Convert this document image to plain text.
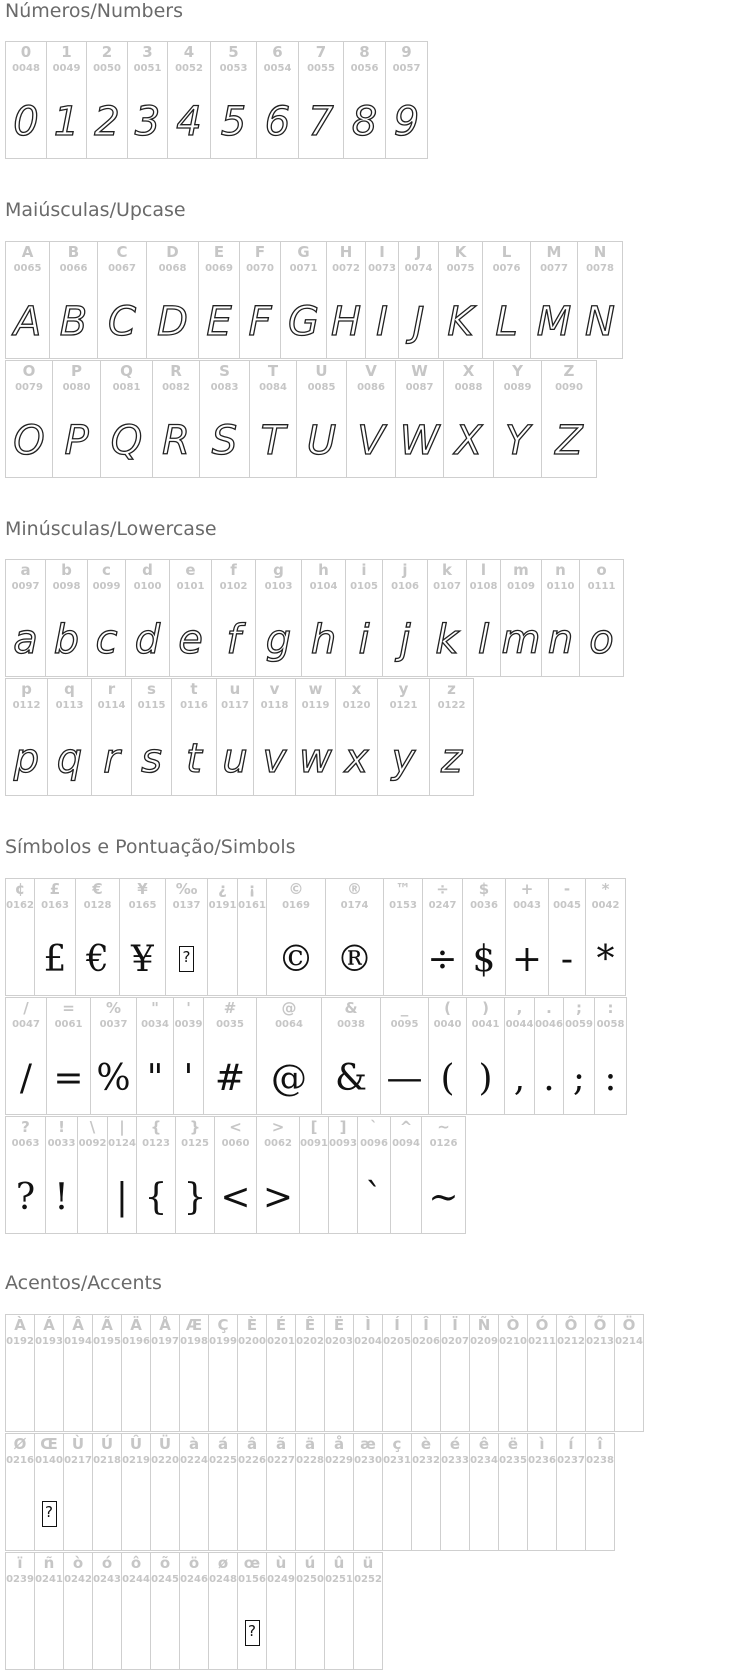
Números/Numbers
0
0048
0
1
0049
1
2
0050
2
3
0051
3
4
0052
4
5
0053
5
6
0054
6
7
0055
7
8
0056
8
9
0057
9
Maiúsculas/Upcase
A
0065
A
B
0066
B
C
0067
C
D
0068
D
E
0069
E
F
0070
F
G
0071
G
H
0072
H
I
0073
I
J
0074
J
K
0075
K
L
0076
L
M
0077
M
N
0078
N
O
0079
O
P
0080
P
Q
0081
Q
R
0082
R
S
0083
S
T
0084
T
U
0085
U
V
0086
V
W
0087
W
X
0088
X
Y
0089
Y
Z
0090
Z
Minúsculas/Lowercase
a
0097
a
b
0098
b
c
0099
c
d
0100
d
e
0101
e
f
0102
f
g
0103
g
h
0104
h
i
0105
i
j
0106
j
k
0107
k
l
0108
l
m
0109
m
n
0110
n
o
0111
o
p
0112
p
q
0113
q
r
0114
r
s
0115
s
t
0116
t
u
0117
u
v
0118
v
w
0119
w
x
0120
x
y
0121
y
z
0122
z
Símbolos e Pontuação/Simbols
¢
0162
£
0163
£
€
0128
€
¥
0165
¥
‰
0137
?
¿
0191
¡
0161
©
0169
©
®
0174
®
™
0153
÷
0247
÷
$
0036
$
+
0043
+
-
0045
-
*
0042
*
/
0047
/
=
0061
=
%
0037
%
"
0034
"
'
0039
'
#
0035
#
@
0064
@
&
0038
&
_
0095
—
(
0040
(
)
0041
)
,
0044
,
.
0046
.
;
0059
;
:
0058
:
?
0063
?
!
0033
!
\
0092
|
0124
|
{
0123
{
}
0125
}
<
0060
<
>
0062
>
[
0091
]
0093
`
0096
`
^
0094
~
0126
~
Acentos/Accents
À
0192
Á
0193
Â
0194
Ã
0195
Ä
0196
Å
0197
Æ
0198
Ç
0199
È
0200
É
0201
Ê
0202
Ë
0203
Ì
0204
Í
0205
Î
0206
Ï
0207
Ñ
0209
Ò
0210
Ó
0211
Ô
0212
Õ
0213
Ö
0214
Ø
0216
Œ
0140
?
Ù
0217
Ú
0218
Û
0219
Ü
0220
à
0224
á
0225
â
0226
ã
0227
ä
0228
å
0229
æ
0230
ç
0231
è
0232
é
0233
ê
0234
ë
0235
ì
0236
í
0237
î
0238
ï
0239
ñ
0241
ò
0242
ó
0243
ô
0244
õ
0245
ö
0246
ø
0248
œ
0156
?
ù
0249
ú
0250
û
0251
ü
0252
